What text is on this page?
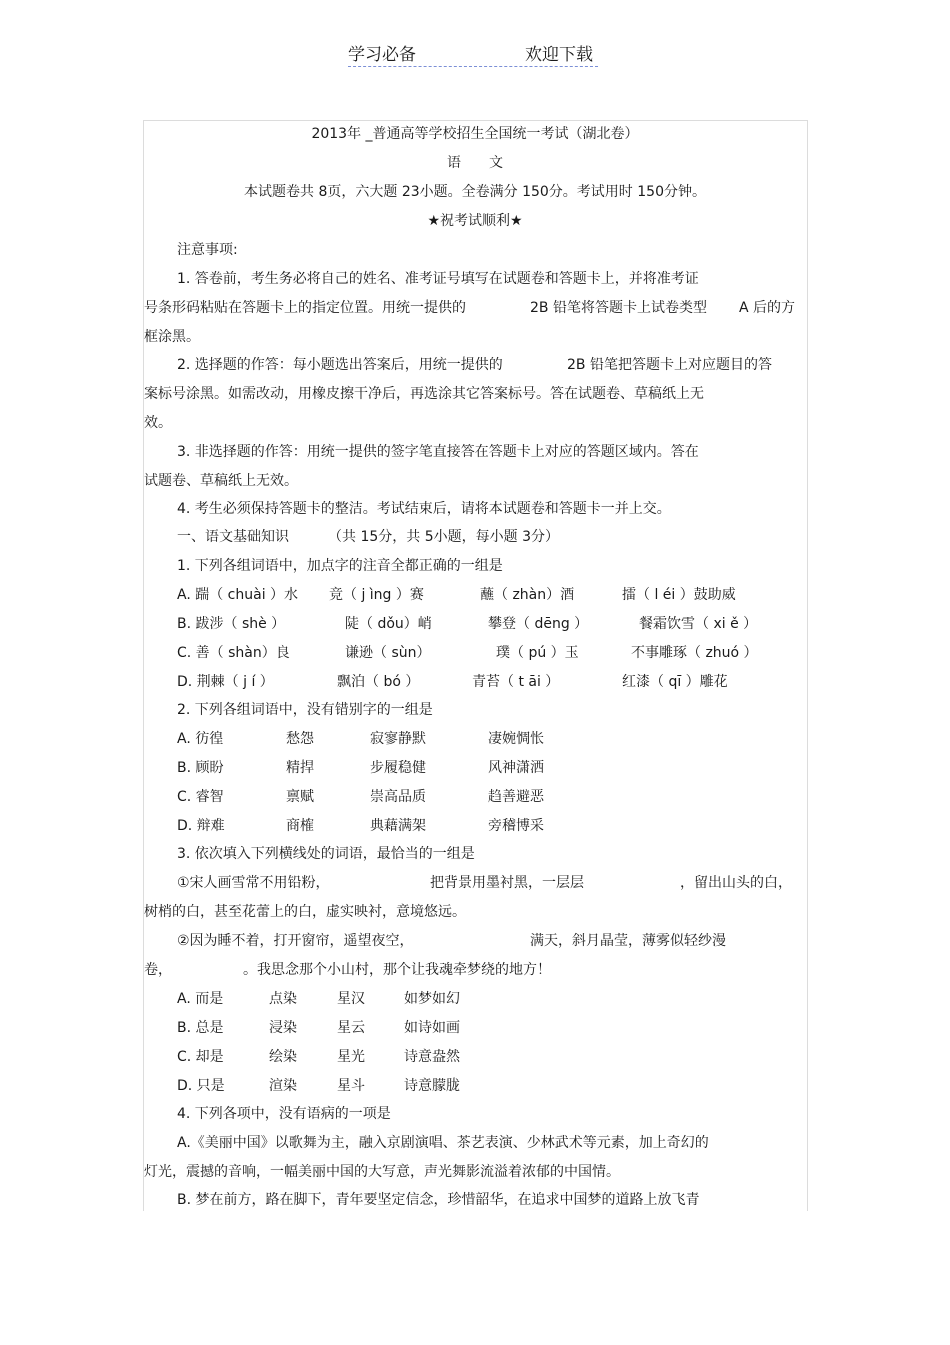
学习必备	欢迎下载
2013年 _普通高等学校招生全国统一考试（湖北卷）
语　　文
本试题卷共 8页，六大题 23小题。全卷满分 150分。考试用时 150分钟。
★祝考试顺利★
注意事项:
1. 答卷前，考生务必将自己的姓名、准考证号填写在试题卷和答题卡上，并将准考证
号条形码粘贴在答题卡上的指定位置。用统一提供的	2B 铅笔将答题卡上试卷类型 A 后的方
框涂黑。
2. 选择题的作答：每小题选出答案后，用统一提供的	2B 铅笔把答题卡上对应题目的答
案标号涂黑。如需改动，用橡皮擦干净后，再选涂其它答案标号。答在试题卷、草稿纸上无
效。
3. 非选择题的作答：用统一提供的签字笔直接答在答题卡上对应的答题区域内。答在
试题卷、草稿纸上无效。
4. 考生必须保持答题卡的整洁。考试结束后，请将本试题卷和答题卡一并上交。
一、语文基础知识	（共 15分，共 5小题，每小题 3分）
1. 下列各组词语中，加点字的注音全都正确的一组是
A. 踹（ chuài ）水 竞（ j ìng ）赛	蘸（ zhàn）酒	擂（ l éi ）鼓助威
B. 跋涉（ shè ）	陡（ dǒu）峭	攀登（ dēng ）	餐霜饮雪（ xi ě ）
C. 善（ shàn）良	谦逊（ sùn）	璞（ pú ）玉	不事雕琢（ zhuó ）
D. 荆棘（ j í ）	飘泊（ bó ）	青苔（ t āi ）	红漆（ qī ）雕花
2. 下列各组词语中，没有错别字的一组是
A. 彷徨	愁怨	寂寥静默	凄婉惆怅
B. 顾盼	精捍	步履稳健	风神潇洒
C. 睿智	禀赋	崇高品质	趋善避恶
D. 辩难	商榷	典藉满架	旁稽博采
3. 依次填入下列横线处的词语，最恰当的一组是
①宋人画雪常不用铅粉，	把背景用墨衬黑，一层层	，留出山头的白，
树梢的白，甚至花蕾上的白，虚实映衬，意境悠远。
②因为睡不着，打开窗帘，遥望夜空，	满天，斜月晶莹，薄雾似轻纱漫
卷，	。我思念那个小山村，那个让我魂牵梦绕的地方！
A. 而是	点染	星汉	如梦如幻
B. 总是	浸染	星云	如诗如画
C. 却是	绘染	星光	诗意盎然
D. 只是	渲染	星斗	诗意朦胧
4. 下列各项中，没有语病的一项是
A.《美丽中国》以歌舞为主，融入京剧演唱、茶艺表演、少林武术等元素，加上奇幻的
灯光，震撼的音响，一幅美丽中国的大写意，声光舞影流溢着浓郁的中国情。
B. 梦在前方，路在脚下，青年要坚定信念，珍惜韶华，在追求中国梦的道路上放飞青
